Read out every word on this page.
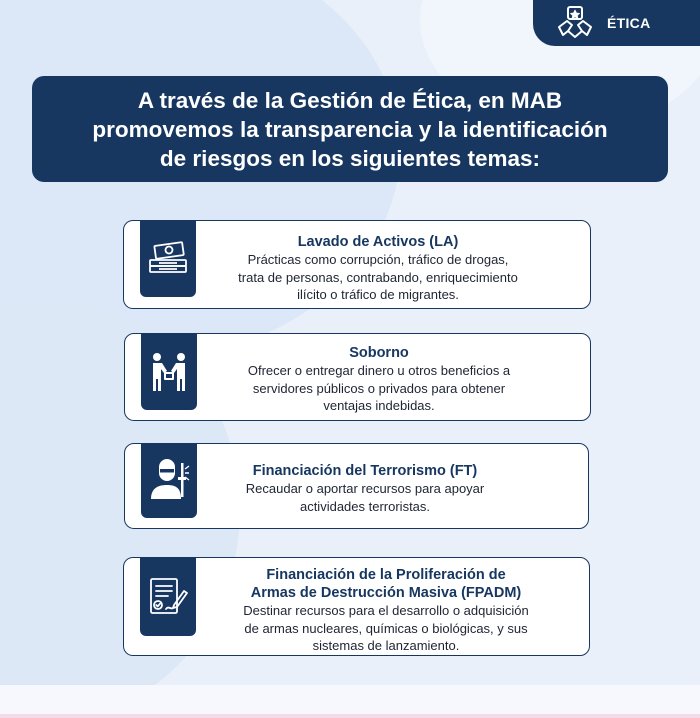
ÉTICA

A través de la Gestión de Ética, en MAB
promovemos la transparencia y la identificación
de riesgos en los siguientes temas:

Lavado de Activos (LA)
Prácticas como corrupción, tráfico de drogas,
trata de personas, contrabando, enriquecimiento
ilícito o tráfico de migrantes.
Soborno
Ofrecer o entregar dinero u otros beneficios a
servidores públicos o privados para obtener
ventajas indebidas.
Financiación del Terrorismo (FT)
Recaudar o aportar recursos para apoyar
actividades terroristas.
Financiación de la Proliferación de
Armas de Destrucción Masiva (FPADM)
Destinar recursos para el desarrollo o adquisición
de armas nucleares, químicas o biológicas, y sus
sistemas de lanzamiento.
